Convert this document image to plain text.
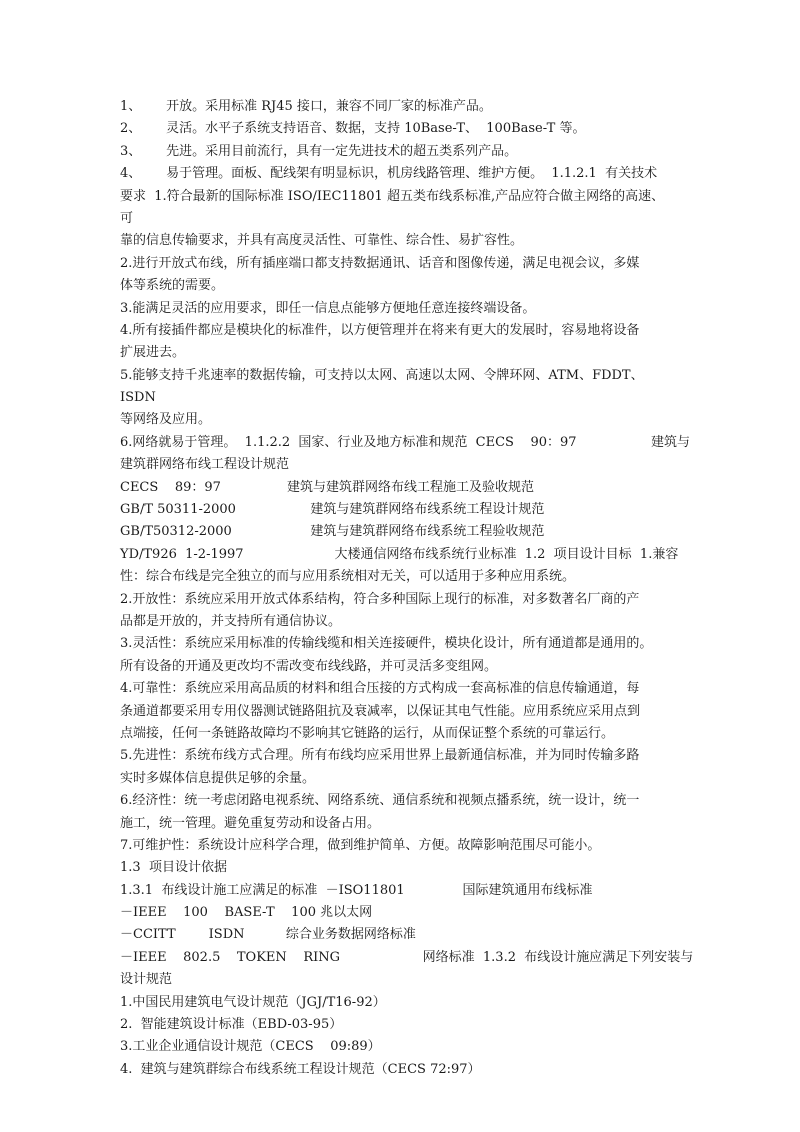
1、      开放。采用标准 RJ45 接口，兼容不同厂家的标准产品。
2、      灵活。水平子系统支持语音、数据，支持 10Base-T、  100Base-T 等。
3、      先进。采用目前流行，具有一定先进技术的超五类系列产品。
4、      易于管理。面板、配线架有明显标识，机房线路管理、维护方便。  1.1.2.1  有关技术
要求  1.符合最新的国际标准 ISO/IEC11801 超五类布线系标准,产品应符合做主网络的高速、
可
靠的信息传输要求，并具有高度灵活性、可靠性、综合性、易扩容性。
2.进行开放式布线，所有插座端口都支持数据通讯、话音和图像传递，满足电视会议，多媒
体等系统的需要。
3.能满足灵活的应用要求，即任一信息点能够方便地任意连接终端设备。
4.所有接插件都应是模块化的标准件，以方便管理并在将来有更大的发展时，容易地将设备
扩展进去。
5.能够支持千兆速率的数据传输，可支持以太网、高速以太网、令牌环网、ATM、FDDT、
ISDN
等网络及应用。
6.网络就易于管理。  1.1.2.2  国家、行业及地方标准和规范  CECS    90：97                  建筑与
建筑群网络布线工程设计规范
CECS    89：97                建筑与建筑群网络布线工程施工及验收规范
GB/T 50311-2000                  建筑与建筑群网络布线系统工程设计规范
GB/T50312-2000                   建筑与建筑群网络布线系统工程验收规范
YD/T926  1-2-1997                      大楼通信网络布线系统行业标准  1.2  项目设计目标  1.兼容
性：综合布线是完全独立的而与应用系统相对无关，可以适用于多种应用系统。
2.开放性：系统应采用开放式体系结构，符合多种国际上现行的标准，对多数著名厂商的产
品都是开放的，并支持所有通信协议。
3.灵活性：系统应采用标准的传输线缆和相关连接硬件，模块化设计，所有通道都是通用的。
所有设备的开通及更改均不需改变布线线路，并可灵活多变组网。
4.可靠性：系统应采用高品质的材料和组合压接的方式构成一套高标准的信息传输通道，每
条通道都要采用专用仪器测试链路阻抗及衰减率，以保证其电气性能。应用系统应采用点到
点端接，任何一条链路故障均不影响其它链路的运行，从而保证整个系统的可靠运行。
5.先进性：系统布线方式合理。所有布线均应采用世界上最新通信标准，并为同时传输多路
实时多媒体信息提供足够的余量。
6.经济性：统一考虑闭路电视系统、网络系统、通信系统和视频点播系统，统一设计，统一
施工，统一管理。避免重复劳动和设备占用。
7.可维护性：系统设计应科学合理，做到维护简单、方便。故障影响范围尽可能小。
1.3  项目设计依据
1.3.1  布线设计施工应满足的标准  －ISO11801              国际建筑通用布线标准
－IEEE    100    BASE-T    100 兆以太网
－CCITT        ISDN          综合业务数据网络标准
－IEEE    802.5    TOKEN    RING                    网络标准  1.3.2  布线设计施应满足下列安装与
设计规范
1.中国民用建筑电气设计规范（JGJ/T16-92）
2.  智能建筑设计标准（EBD-03-95）
3.工业企业通信设计规范（CECS    09:89）
4.  建筑与建筑群综合布线系统工程设计规范（CECS 72:97）
